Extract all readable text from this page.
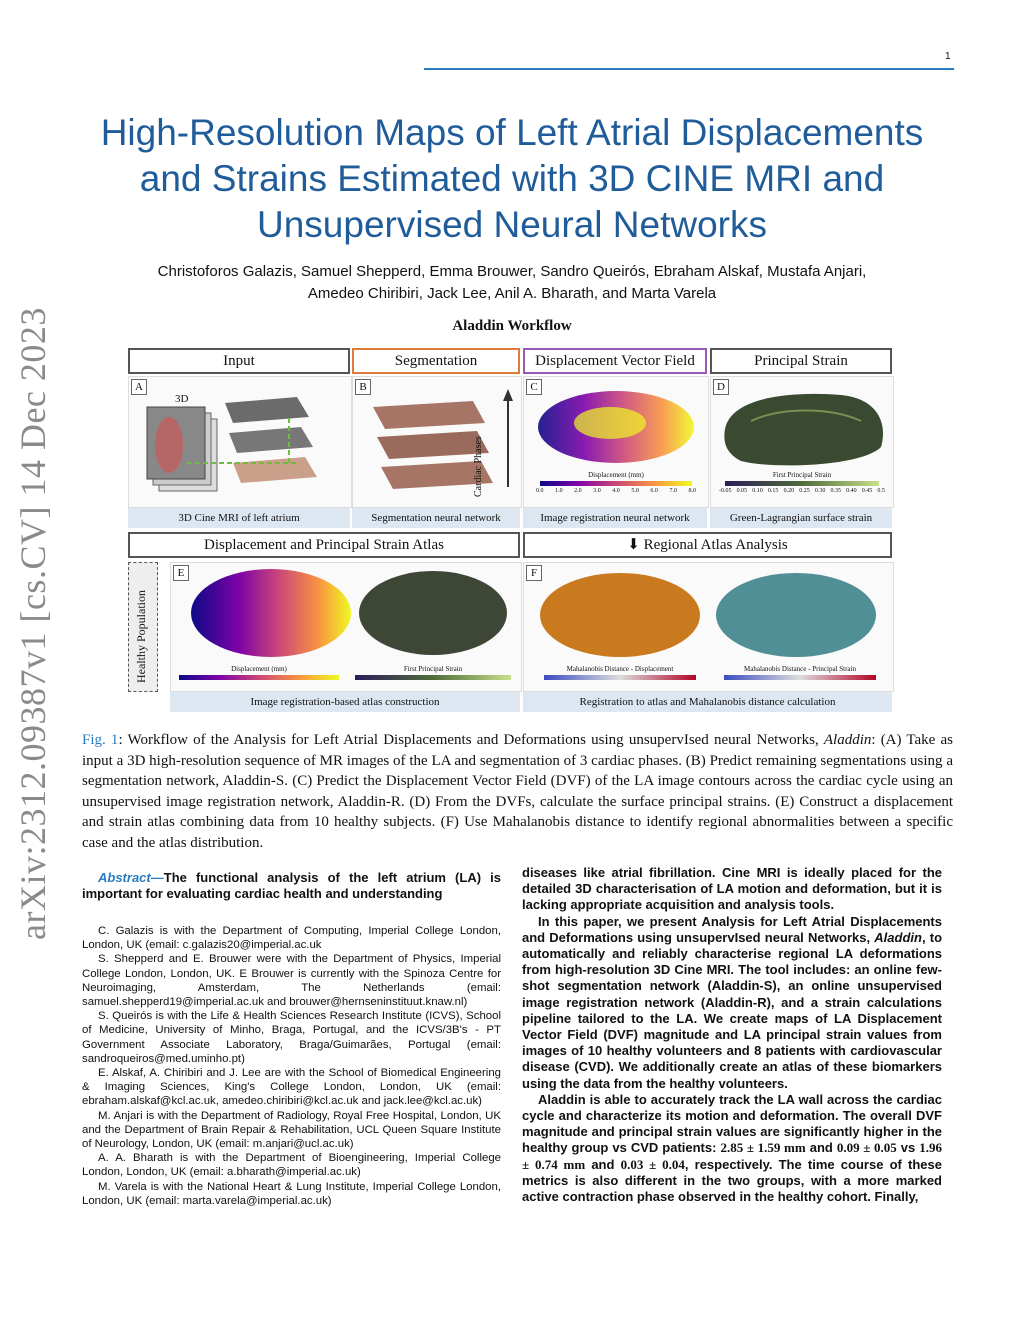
1
arXiv:2312.09387v1 [cs.CV] 14 Dec 2023
High-Resolution Maps of Left Atrial Displacements and Strains Estimated with 3D CINE MRI and Unsupervised Neural Networks
Christoforos Galazis, Samuel Shepperd, Emma Brouwer, Sandro Queirós, Ebraham Alskaf, Mustafa Anjari,
Amedeo Chiribiri, Jack Lee, Anil A. Bharath, and Marta Varela
Aladdin Workflow
Input	Segmentation	Displacement Vector Field	Principal Strain
A
3D
3D Cine MRI of left atrium
B
Cardiac Phases
Segmentation neural network
C
Displacement (mm)
0.0 1.0 2.0 3.0 4.0 5.0 6.0 7.0 8.0
Image registration neural network
D
First Principal Strain
-0.05 0.05 0.10 0.15 0.20 0.25 0.30 0.35 0.40 0.45 0.5
Green-Lagrangian surface strain
Displacement and Principal Strain Atlas	⬇ Regional Atlas Analysis
Healthy Population
E
Displacement (mm)	First Principal Strain
Image registration-based atlas construction
F
Mahalanobis Distance - Displacement	Mahalanobis Distance - Principal Strain
Registration to atlas and Mahalanobis distance calculation
Fig. 1: Workflow of the Analysis for Left Atrial Displacements and Deformations using unsupervIsed neural Networks, Aladdin: (A) Take as input a 3D high-resolution sequence of MR images of the LA and segmentation of 3 cardiac phases. (B) Predict remaining segmentations using a segmentation network, Aladdin-S. (C) Predict the Displacement Vector Field (DVF) of the LA image contours across the cardiac cycle using an unsupervised image registration network, Aladdin-R. (D) From the DVFs, calculate the surface principal strains. (E) Construct a displacement and strain atlas combining data from 10 healthy subjects. (F) Use Mahalanobis distance to identify regional abnormalities between a specific case and the atlas distribution.

Abstract—The functional analysis of the left atrium (LA) is important for evaluating cardiac health and understanding

C. Galazis is with the Department of Computing, Imperial College London, London, UK (email: c.galazis20@imperial.ac.uk

S. Shepperd and E. Brouwer were with the Department of Physics, Imperial College London, London, UK. E Brouwer is currently with the Spinoza Centre for Neuroimaging, Amsterdam, The Netherlands (email: samuel.shepperd19@imperial.ac.uk and brouwer@hernseninstituut.knaw.nl)

S. Queirós is with the Life & Health Sciences Research Institute (ICVS), School of Medicine, University of Minho, Braga, Portugal, and the ICVS/3B's - PT Government Associate Laboratory, Braga/Guimarães, Portugal (email: sandroqueiros@med.uminho.pt)

E. Alskaf, A. Chiribiri and J. Lee are with the School of Biomedical Engineering & Imaging Sciences, King's College London, London, UK (email: ebraham.alskaf@kcl.ac.uk, amedeo.chiribiri@kcl.ac.uk and jack.lee@kcl.ac.uk)

M. Anjari is with the Department of Radiology, Royal Free Hospital, London, UK and the Department of Brain Repair & Rehabilitation, UCL Queen Square Institute of Neurology, London, UK (email: m.anjari@ucl.ac.uk)

A. A. Bharath is with the Department of Bioengineering, Imperial College London, London, UK (email: a.bharath@imperial.ac.uk)

M. Varela is with the National Heart & Lung Institute, Imperial College London, London, UK (email: marta.varela@imperial.ac.uk)

diseases like atrial fibrillation. Cine MRI is ideally placed for the detailed 3D characterisation of LA motion and deformation, but it is lacking appropriate acquisition and analysis tools.

In this paper, we present Analysis for Left Atrial Displacements and Deformations using unsupervIsed neural Networks, Aladdin, to automatically and reliably characterise regional LA deformations from high-resolution 3D Cine MRI. The tool includes: an online few-shot segmentation network (Aladdin-S), an online unsupervised image registration network (Aladdin-R), and a strain calculations pipeline tailored to the LA. We create maps of LA Displacement Vector Field (DVF) magnitude and LA principal strain values from images of 10 healthy volunteers and 8 patients with cardiovascular disease (CVD). We additionally create an atlas of these biomarkers using the data from the healthy volunteers.

Aladdin is able to accurately track the LA wall across the cardiac cycle and characterize its motion and deformation. The overall DVF magnitude and principal strain values are significantly higher in the healthy group vs CVD patients: 2.85 ± 1.59 mm and 0.09 ± 0.05 vs 1.96 ± 0.74 mm and 0.03 ± 0.04, respectively. The time course of these metrics is also different in the two groups, with a more marked active contraction phase observed in the healthy cohort. Finally,
